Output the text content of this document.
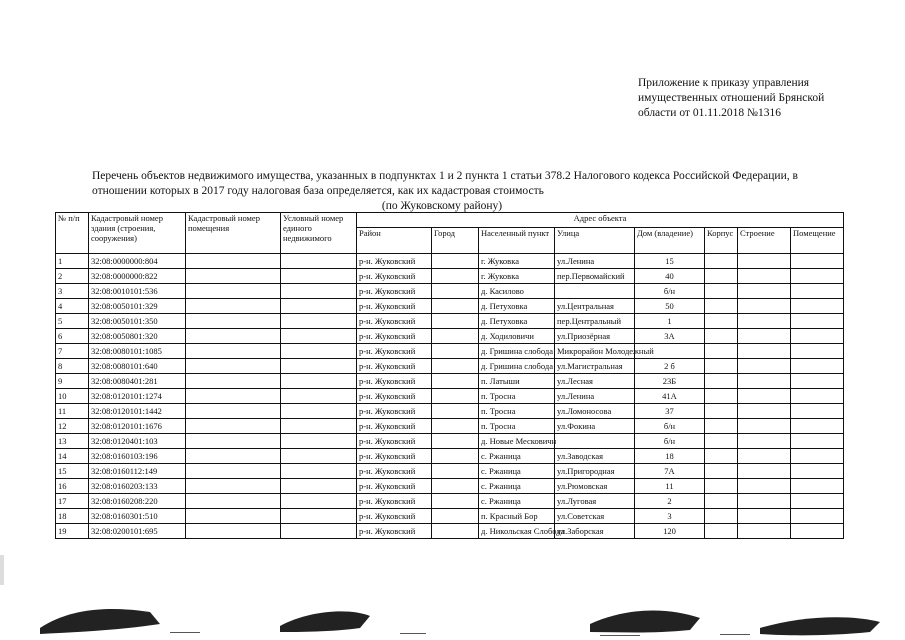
Приложение к приказу управления
имущественных отношений Брянской
области от 01.11.2018 №1316
Перечень объектов недвижимого имущества, указанных в подпунктах 1 и 2 пункта 1 статьи 378.2 Налогового кодекса Российской Федерации, в
отношении которых в 2017 году налоговая база определяется, как их кадастровая стоимость
(по Жуковскому району)
№ п/п	Кадастровый номер здания (строения, сооружения)	Кадастровый номер помещения	Условный номер единого недвижимого	Адрес объекта							
				Район	Город	Населенный пункт	Улица	Дом (владение)	Корпус	Строение	Помещение
1	32:08:0000000:804			р-н. Жуковский		г. Жуковка	ул.Ленина	15			
2	32:08:0000000:822			р-н. Жуковский		г. Жуковка	пер.Первомайский	40			
3	32:08:0010101:536			р-н. Жуковский		д. Касилово		б/н			
4	32:08:0050101:329			р-н. Жуковский		д. Петуховка	ул.Центральная	50			
5	32:08:0050101:350			р-н. Жуковский		д. Петуховка	пер.Центральный	1			
6	32:08:0050801:320			р-н. Жуковский		д. Ходиловичи	ул.Приозёрная	3А			
7	32:08:0080101:1085			р-н. Жуковский		д. Гришина слобода	Микрорайон Молодежный				
8	32:08:0080101:640			р-н. Жуковский		д. Гришина слобода	ул.Магистральная	2 б			
9	32:08:0080401:281			р-н. Жуковский		п. Латыши	ул.Лесная	23Б			
10	32:08:0120101:1274			р-н. Жуковский		п. Тросна	ул.Ленина	41А			
11	32:08:0120101:1442			р-н. Жуковский		п. Тросна	ул.Ломоносова	37			
12	32:08:0120101:1676			р-н. Жуковский		п. Тросна	ул.Фокина	б/н			
13	32:08:0120401:103			р-н. Жуковский		д. Новые Месковичи		б/н			
14	32:08:0160103:196			р-н. Жуковский		с. Ржаница	ул.Заводская	18			
15	32:08:0160112:149			р-н. Жуковский		с. Ржаница	ул.Пригородная	7А			
16	32:08:0160203:133			р-н. Жуковский		с. Ржаница	ул.Рюмовская	11			
17	32:08:0160208:220			р-н. Жуковский		с. Ржаница	ул.Луговая	2			
18	32:08:0160301:510			р-н. Жуковский		п. Красный Бор	ул.Советская	3			
19	32:08:0200101:695			р-н. Жуковский		д. Никольская Слобода	ул.Заборская	120			
